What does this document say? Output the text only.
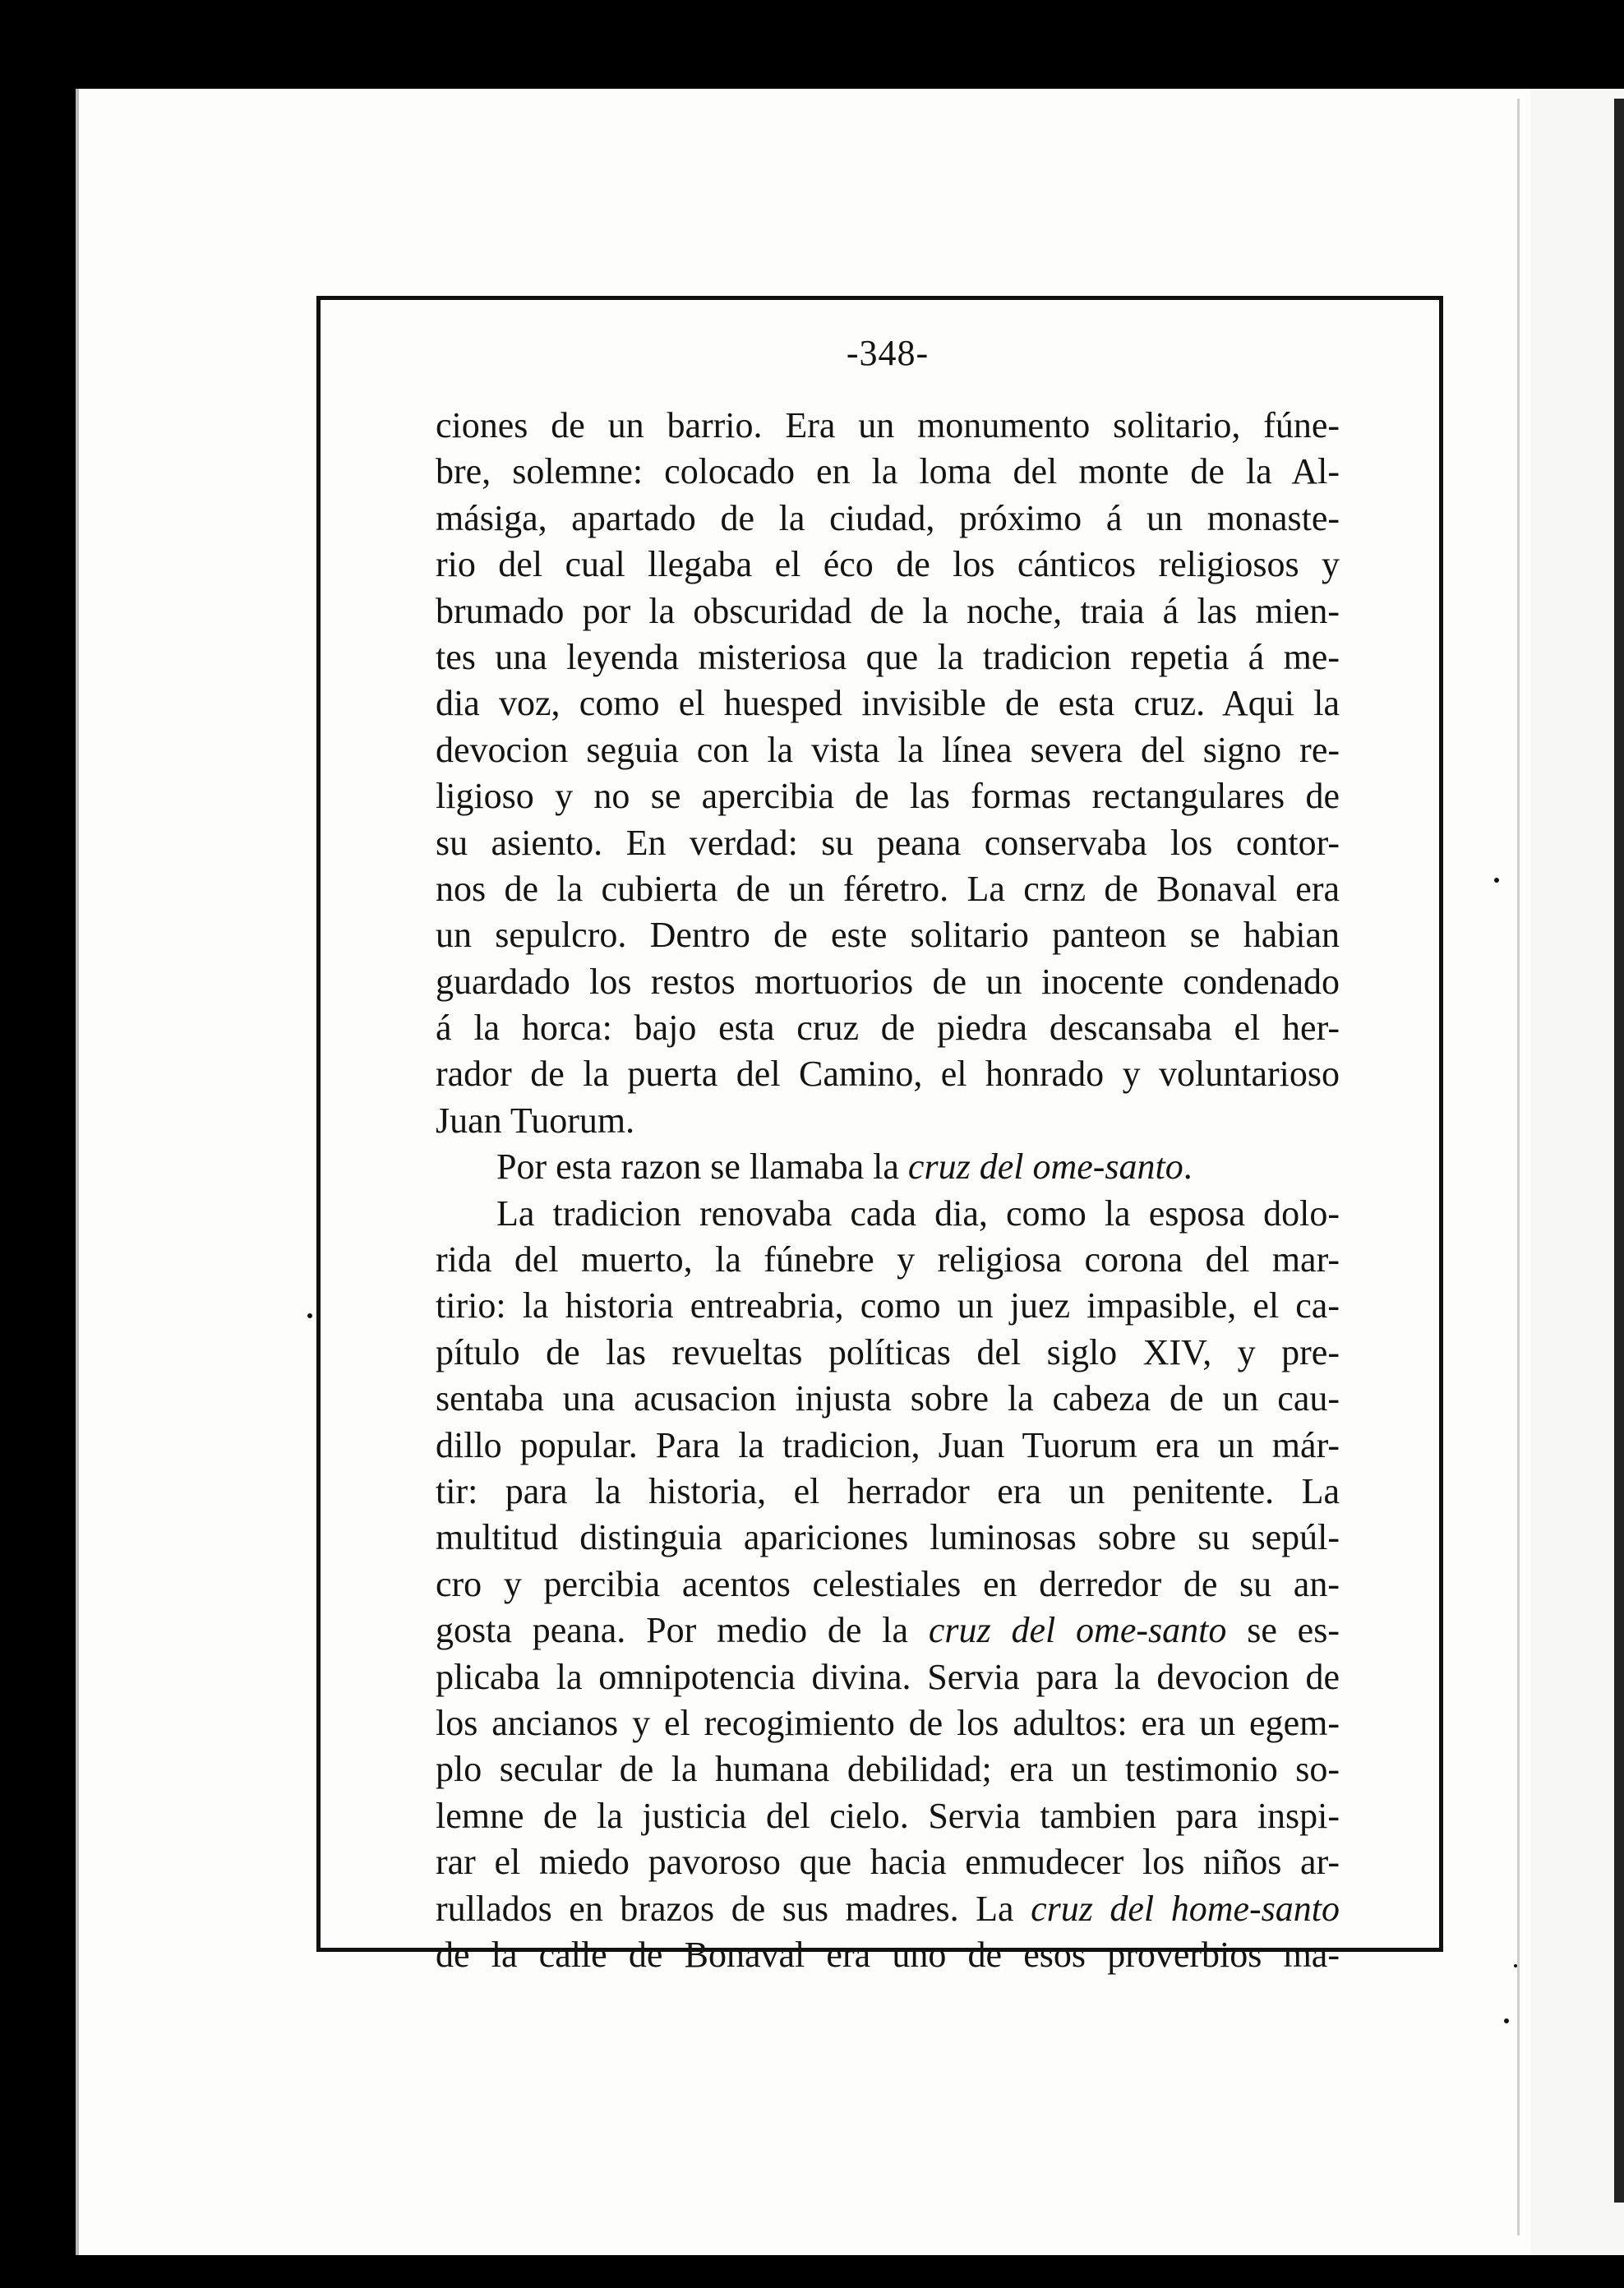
-348-
ciones de un barrio. Era un monumento solitario, fúne-
bre, solemne: colocado en la loma del monte de la Al-
másiga, apartado de la ciudad, próximo á un monaste-
rio del cual llegaba el éco de los cánticos religiosos y
brumado por la obscuridad de la noche, traia á las mien-
tes una leyenda misteriosa que la tradicion repetia á me-
dia voz, como el huesped invisible de esta cruz. Aqui la
devocion seguia con la vista la línea severa del signo re-
ligioso y no se apercibia de las formas rectangulares de
su asiento. En verdad: su peana conservaba los contor-
nos de la cubierta de un féretro. La crnz de Bonaval era
un sepulcro. Dentro de este solitario panteon se habian
guardado los restos mortuorios de un inocente condenado
á la horca: bajo esta cruz de piedra descansaba el her-
rador de la puerta del Camino, el honrado y voluntarioso
Juan Tuorum.
Por esta razon se llamaba la cruz del ome-santo.
La tradicion renovaba cada dia, como la esposa dolo-
rida del muerto, la fúnebre y religiosa corona del mar-
tirio: la historia entreabria, como un juez impasible, el ca-
pítulo de las revueltas políticas del siglo XIV, y pre-
sentaba una acusacion injusta sobre la cabeza de un cau-
dillo popular. Para la tradicion, Juan Tuorum era un már-
tir: para la historia, el herrador era un penitente. La
multitud distinguia apariciones luminosas sobre su sepúl-
cro y percibia acentos celestiales en derredor de su an-
gosta peana. Por medio de la cruz del ome-santo se es-
plicaba la omnipotencia divina. Servia para la devocion de
los ancianos y el recogimiento de los adultos: era un egem-
plo secular de la humana debilidad; era un testimonio so-
lemne de la justicia del cielo. Servia tambien para inspi-
rar el miedo pavoroso que hacia enmudecer los niños ar-
rullados en brazos de sus madres. La cruz del home-santo
de la calle de Bonaval era uno de esos proverbios ma-
